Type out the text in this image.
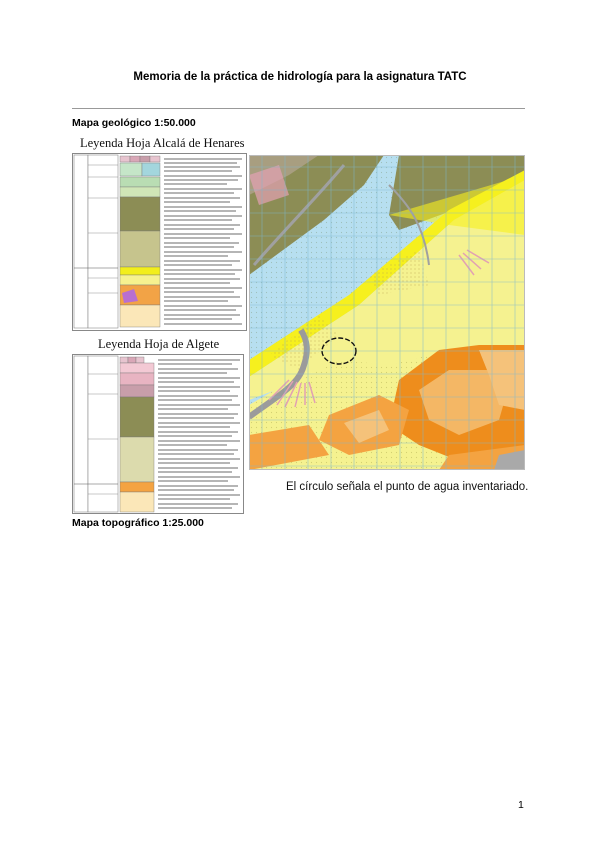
Memoria de la práctica de hidrología para la asignatura TATC
Mapa geológico 1:50.000
Leyenda Hoja Alcalá de Henares
Leyenda Hoja de Algete
El círculo señala el punto de agua inventariado.
Mapa topográfico 1:25.000
1
